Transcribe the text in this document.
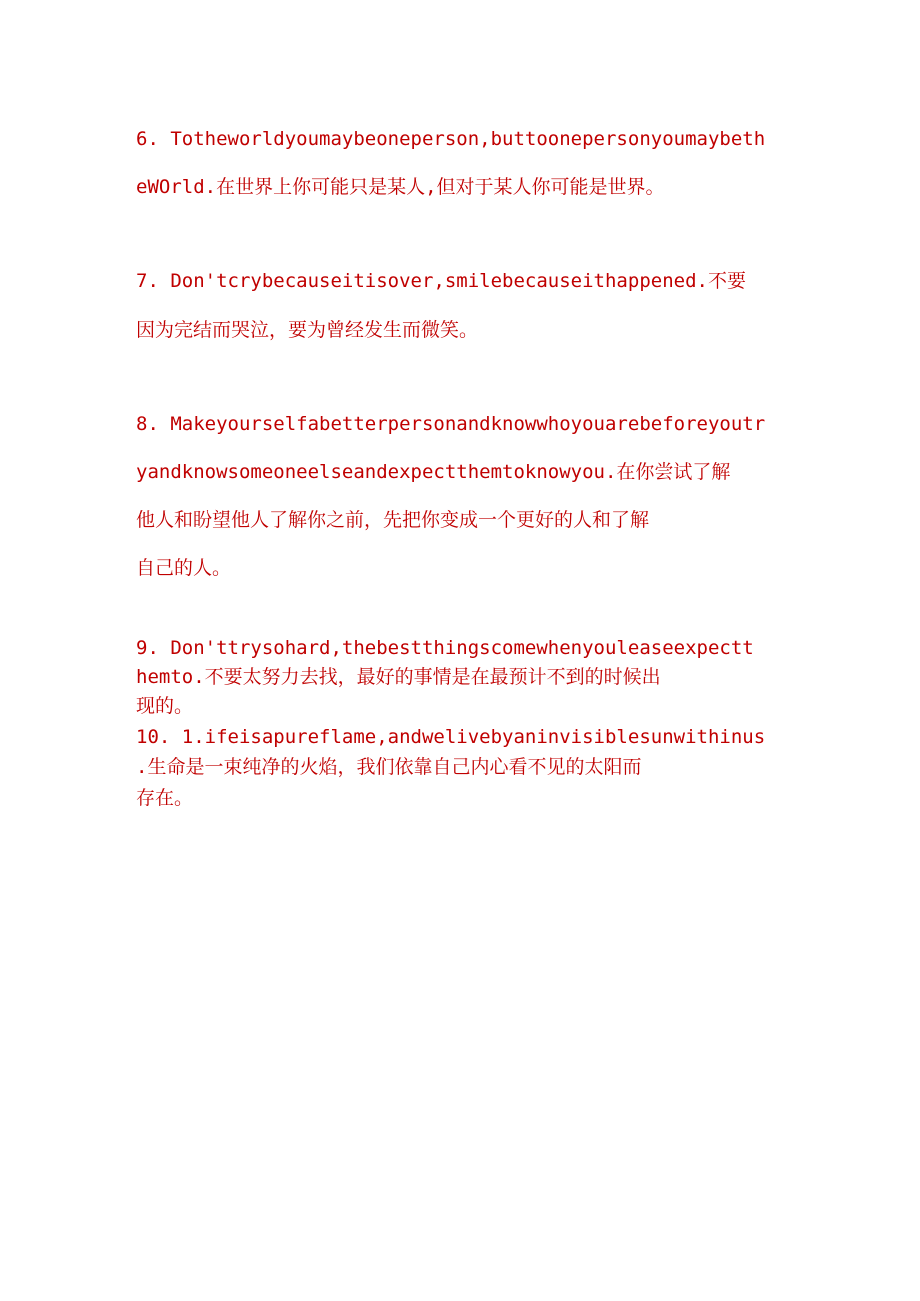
6. Totheworldyoumaybeoneperson,buttoonepersonyoumaybeth
eWOrld.在世界上你可能只是某人,但对于某人你可能是世界。
7. Don'tcrybecauseitisover,smilebecauseithappened.不要
因为完结而哭泣，要为曾经发生而微笑。
8. Makeyourselfabetterpersonandknowwhoyouarebeforeyoutr
yandknowsomeoneelseandexpectthemtoknowyou.在你尝试了解
他人和盼望他人了解你之前，先把你变成一个更好的人和了解
自己的人。
9. Don'ttrysohard,thebestthingscomewhenyouleaseexpectt
hemto.不要太努力去找，最好的事情是在最预计不到的时候出
现的。
10. 1.ifeisapureflame,andwelivebyaninvisiblesunwithinus
.生命是一束纯净的火焰，我们依靠自己内心看不见的太阳而
存在。
